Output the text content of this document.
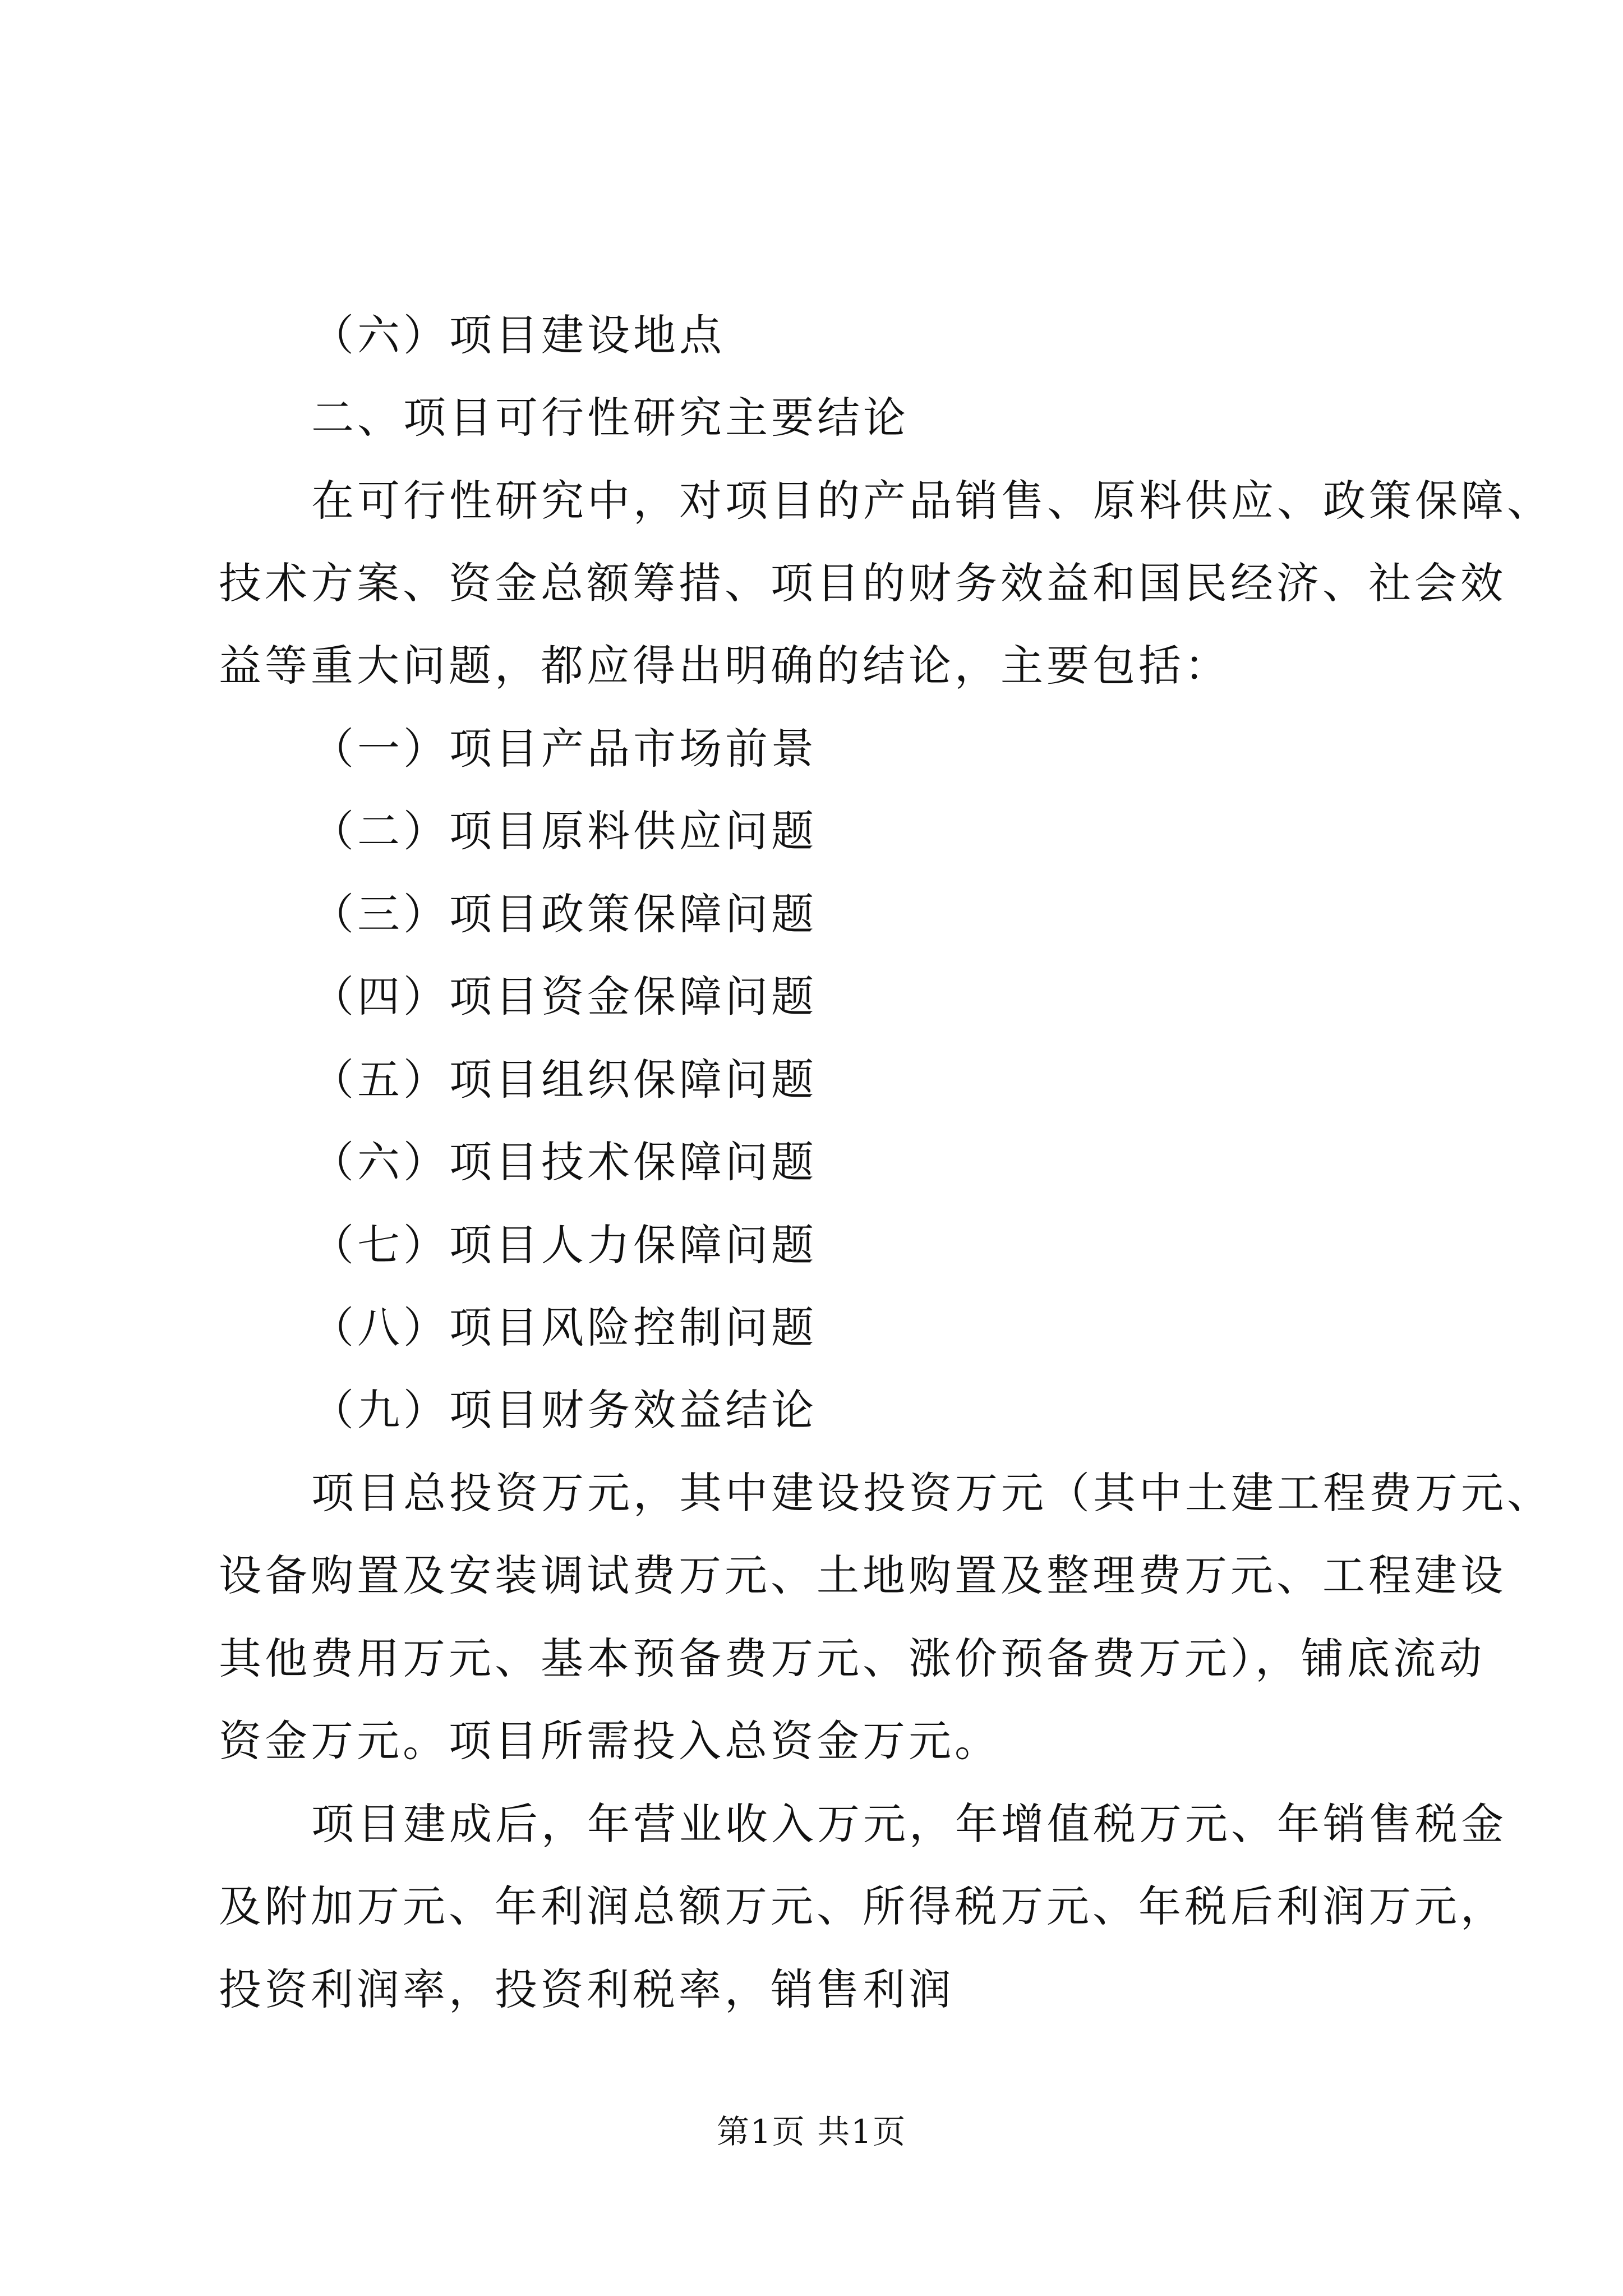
（六）项目建设地点

二、项目可行性研究主要结论

在可行性研究中，对项目的产品销售、原料供应、政策保障、

技术方案、资金总额筹措、项目的财务效益和国民经济、社会效

益等重大问题，都应得出明确的结论，主要包括：

（一）项目产品市场前景

（二）项目原料供应问题

（三）项目政策保障问题

（四）项目资金保障问题

（五）项目组织保障问题

（六）项目技术保障问题

（七）项目人力保障问题

（八）项目风险控制问题

（九）项目财务效益结论

项目总投资万元，其中建设投资万元（其中土建工程费万元、

设备购置及安装调试费万元、土地购置及整理费万元、工程建设

其他费用万元、基本预备费万元、涨价预备费万元），铺底流动

资金万元。项目所需投入总资金万元。

项目建成后，年营业收入万元，年增值税万元、年销售税金

及附加万元、年利润总额万元、所得税万元、年税后利润万元，

投资利润率，投资利税率，销售利润

第1页 共1页
